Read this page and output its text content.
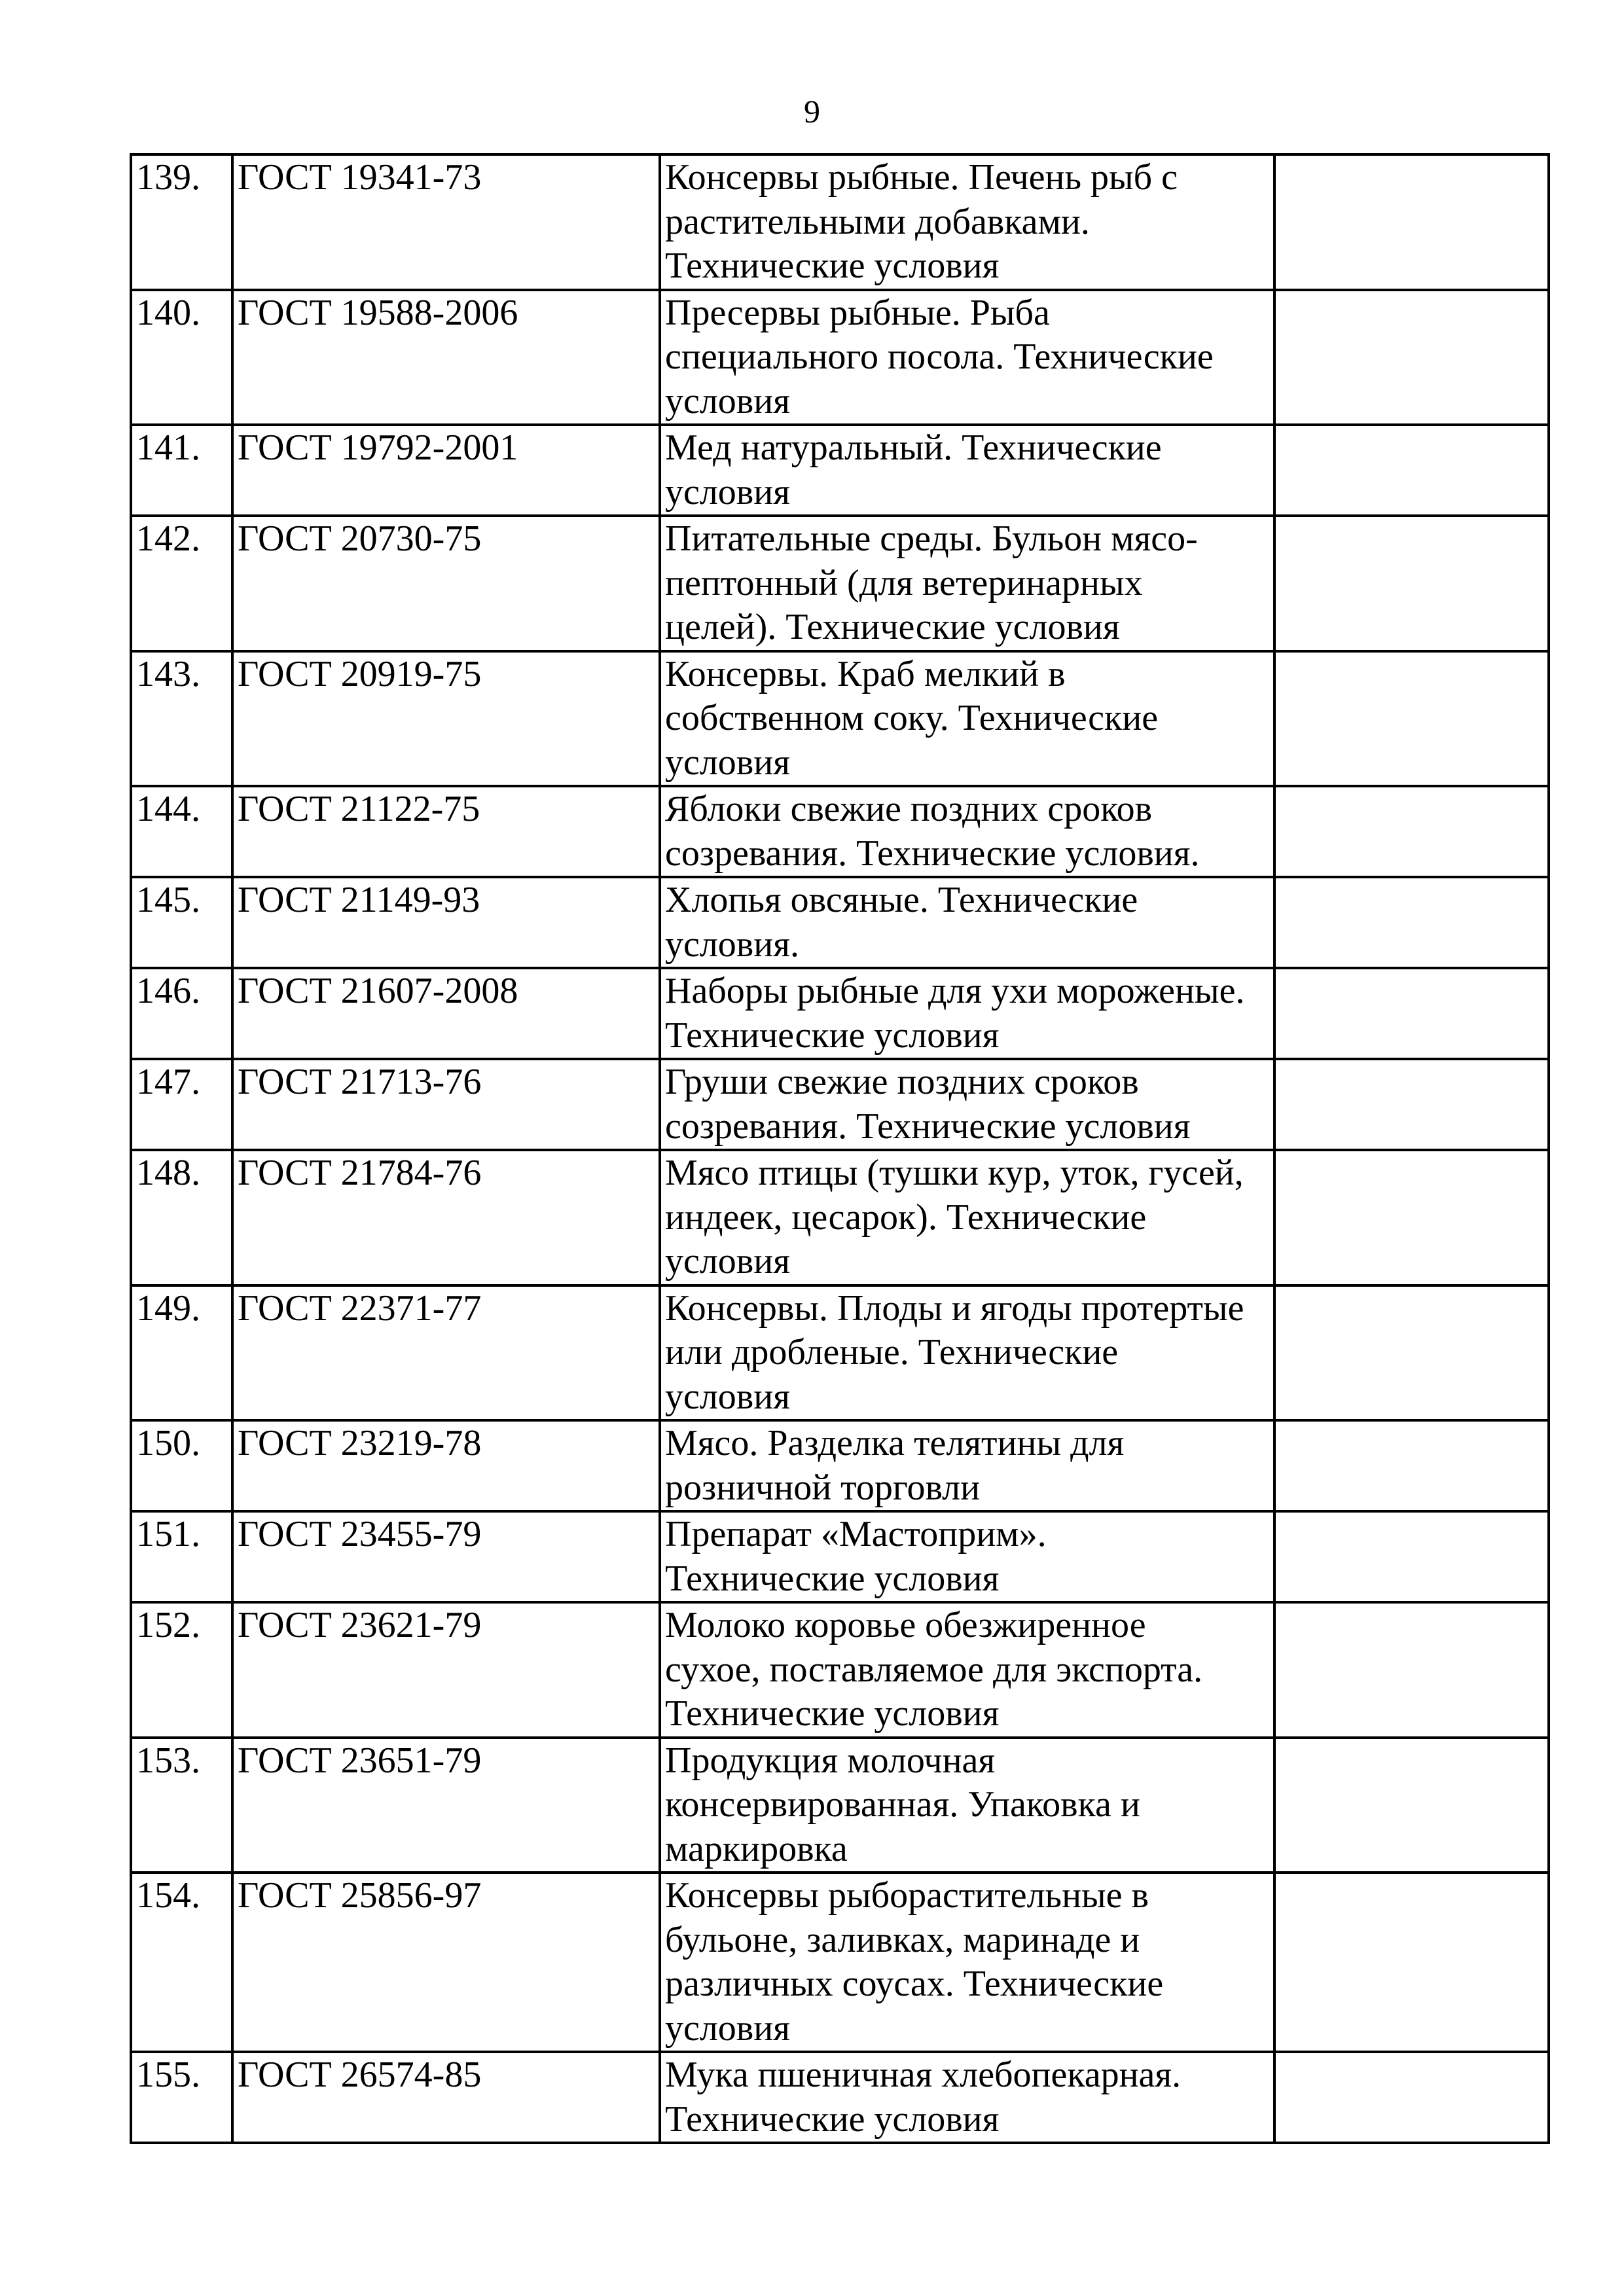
9
139.	ГОСТ 19341-73	Консервы рыбные. Печень рыб с
растительными добавками.
Технические условия	

140.	ГОСТ 19588-2006	Пресервы рыбные. Рыба
специального посола. Технические
условия	

141.	ГОСТ 19792-2001	Мед натуральный. Технические
условия	

142.	ГОСТ 20730-75	Питательные среды. Бульон мясо-
пептонный (для ветеринарных
целей). Технические условия	

143.	ГОСТ 20919-75	Консервы. Краб мелкий в
собственном соку. Технические
условия	

144.	ГОСТ 21122-75	Яблоки свежие поздних сроков
созревания. Технические условия.	

145.	ГОСТ 21149-93	Хлопья овсяные. Технические
условия.	

146.	ГОСТ 21607-2008	Наборы рыбные для ухи мороженые.
Технические условия	

147.	ГОСТ 21713-76	Груши свежие поздних сроков
созревания. Технические условия	

148.	ГОСТ 21784-76	Мясо птицы (тушки кур, уток, гусей,
индеек, цесарок). Технические
условия	

149.	ГОСТ 22371-77	Консервы. Плоды и ягоды протертые
или дробленые. Технические
условия	

150.	ГОСТ 23219-78	Мясо. Разделка телятины для
розничной торговли	

151.	ГОСТ 23455-79	Препарат «Мастоприм».
Технические условия	

152.	ГОСТ 23621-79	Молоко коровье обезжиренное
сухое, поставляемое для экспорта.
Технические условия	

153.	ГОСТ 23651-79	Продукция молочная
консервированная. Упаковка и
маркировка	

154.	ГОСТ 25856-97	Консервы рыборастительные в
бульоне, заливках, маринаде и
различных соусах. Технические
условия	

155.	ГОСТ 26574-85	Мука пшеничная хлебопекарная.
Технические условия	
